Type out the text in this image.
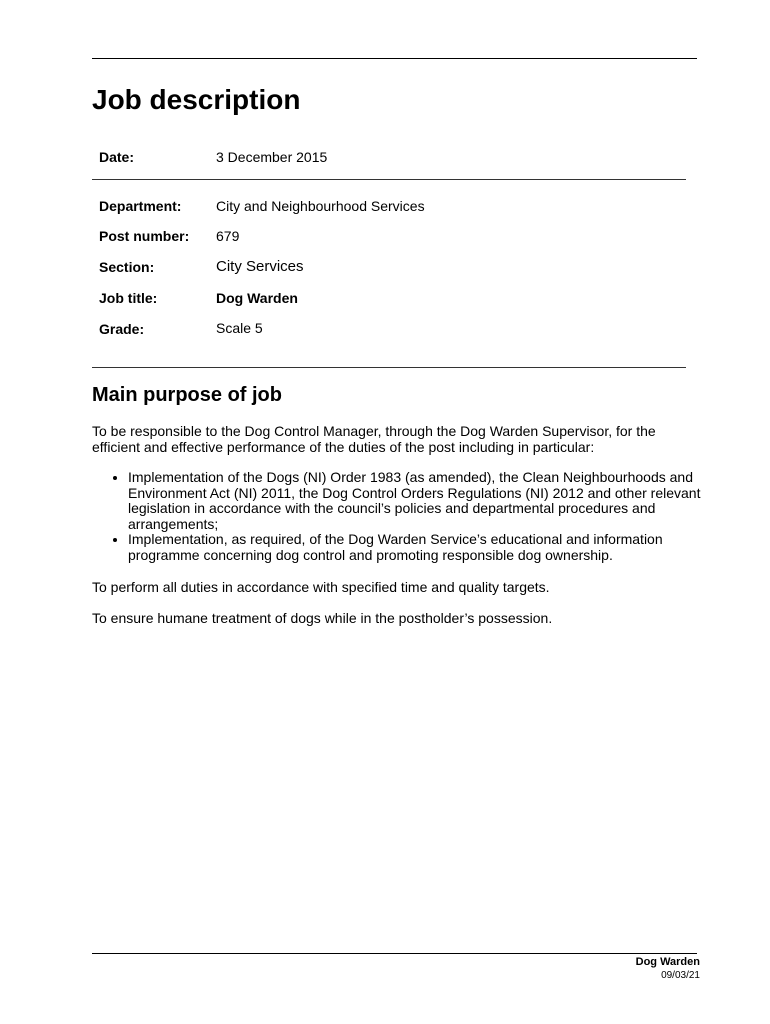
Job description
Date:	3 December 2015
Department: City and Neighbourhood Services
Post number: 679
Section:	City Services
Job title:	Dog Warden
Grade:	Scale 5
Main purpose of job

To be responsible to the Dog Control Manager, through the Dog Warden Supervisor, for the efficient and effective performance of the duties of the post including in particular:

• Implementation of the Dogs (NI) Order 1983 (as amended), the Clean Neighbourhoods and Environment Act (NI) 2011, the Dog Control Orders Regulations (NI) 2012 and other relevant legislation in accordance with the council’s policies and departmental procedures and arrangements;
• Implementation, as required, of the Dog Warden Service’s educational and information programme concerning dog control and promoting responsible dog ownership.

To perform all duties in accordance with specified time and quality targets.

To ensure humane treatment of dogs while in the postholder’s possession.

Dog Warden
09/03/21
